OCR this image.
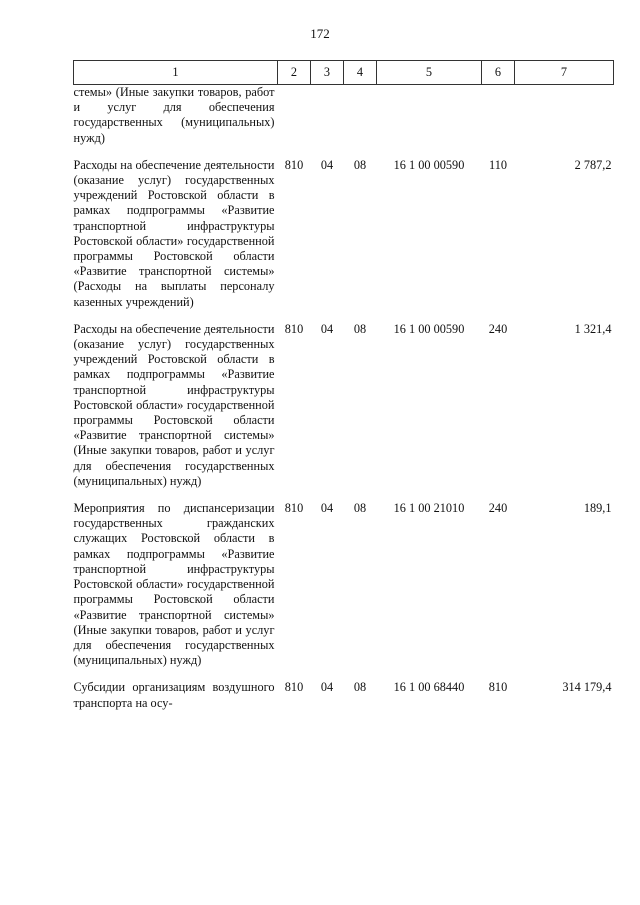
172
1	2	3	4	5	6	7
стемы» (Иные закупки товаров, работ и услуг для обеспечения государственных (муниципальных) нужд)						
Расходы на обеспечение деятельности (оказание услуг) государственных учреждений Ростовской области в рамках подпрограммы «Развитие транспортной инфраструктуры Ростовской области» государственной программы Ростовской области «Развитие транспортной системы» (Расходы на выплаты персоналу казенных учреждений)	810	04	08	16 1 00 00590	110	2 787,2
Расходы на обеспечение деятельности (оказание услуг) государственных учреждений Ростовской области в рамках подпрограммы «Развитие транспортной инфраструктуры Ростовской области» государственной программы Ростовской области «Развитие транспортной системы» (Иные закупки товаров, работ и услуг для обеспечения государственных (муниципальных) нужд)	810	04	08	16 1 00 00590	240	1 321,4
Мероприятия по диспансеризации государственных гражданских служащих Ростовской области в рамках подпрограммы «Развитие транспортной инфраструктуры Ростовской области» государственной программы Ростовской области «Развитие транспортной системы» (Иные закупки товаров, работ и услуг для обеспечения государственных (муниципальных) нужд)	810	04	08	16 1 00 21010	240	189,1
Субсидии организациям воздушного транспорта на осу-	810	04	08	16 1 00 68440	810	314 179,4
